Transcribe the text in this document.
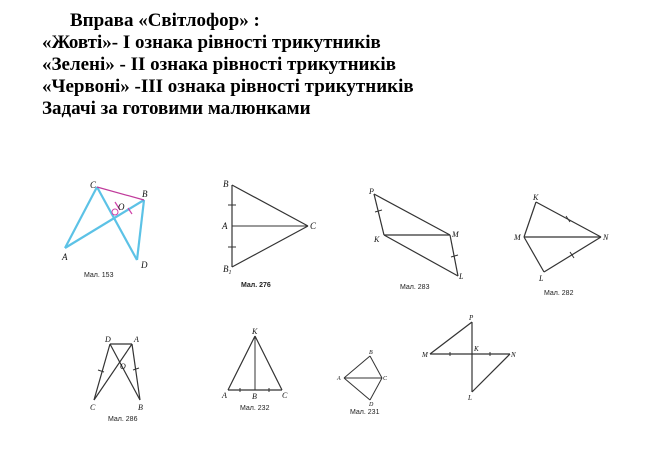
Вправа «Світлофор» :
«Жовті»- І ознака рівності трикутників
«Зелені» - ІІ ознака рівності трикутників
«Червоні» -ІІІ ознака рівності трикутників
Задачі за готовими малюнками
C
B
O
A
D
Мал. 153
B
A	C
$B_1$
Мал. 276
P
K
M
L
Мал. 283
K
M	N
L
Мал. 282
D	A
O
C	B
Мал. 286
K
A	B	C
Мал. 232
B
A	C
D
Мал. 231
P
M
K
N
L
